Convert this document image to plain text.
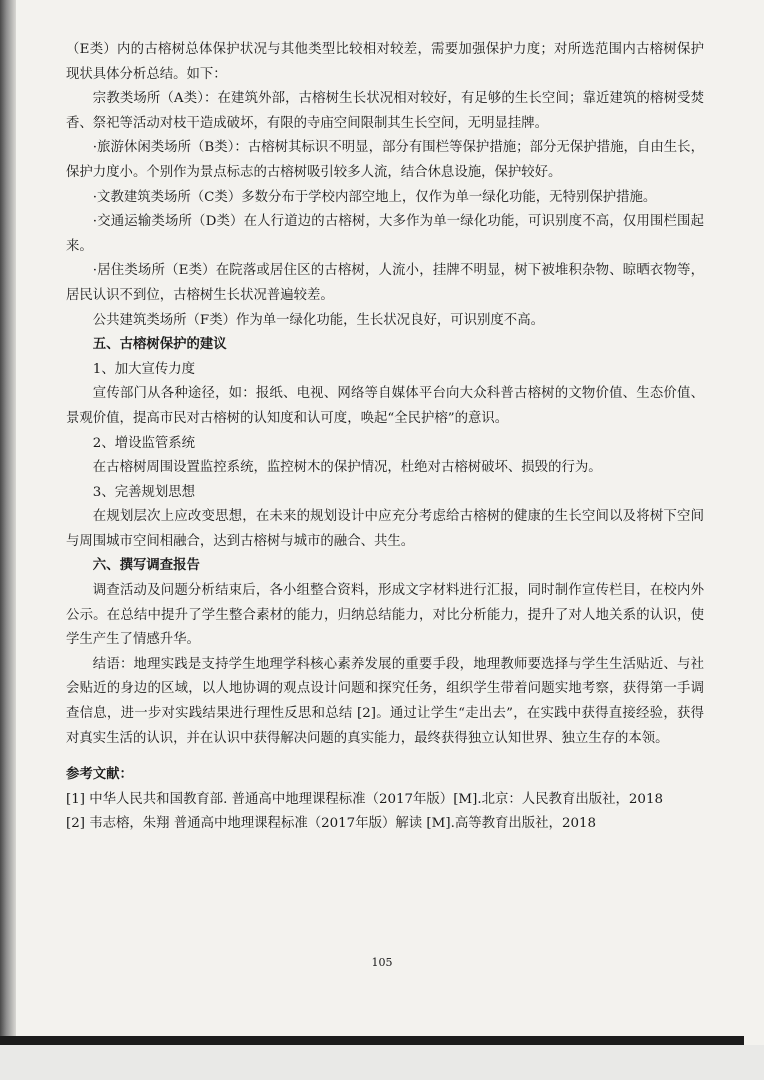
（E类）内的古榕树总体保护状况与其他类型比较相对较差，需要加强保护力度；对所选范围内古榕树保护现状具体分析总结。如下：

宗教类场所（A类）：在建筑外部，古榕树生长状况相对较好，有足够的生长空间；靠近建筑的榕树受焚香、祭祀等活动对枝干造成破坏，有限的寺庙空间限制其生长空间，无明显挂牌。

·旅游休闲类场所（B类）：古榕树其标识不明显，部分有围栏等保护措施；部分无保护措施，自由生长，保护力度小。个别作为景点标志的古榕树吸引较多人流，结合休息设施，保护较好。

·文教建筑类场所（C类）多数分布于学校内部空地上，仅作为单一绿化功能，无特别保护措施。

·交通运输类场所（D类）在人行道边的古榕树，大多作为单一绿化功能，可识别度不高，仅用围栏围起来。

·居住类场所（E类）在院落或居住区的古榕树，人流小，挂牌不明显，树下被堆积杂物、晾晒衣物等，居民认识不到位，古榕树生长状况普遍较差。

公共建筑类场所（F类）作为单一绿化功能，生长状况良好，可识别度不高。

五、古榕树保护的建议

1、加大宣传力度

宣传部门从各种途径，如：报纸、电视、网络等自媒体平台向大众科普古榕树的文物价值、生态价值、景观价值，提高市民对古榕树的认知度和认可度，唤起“全民护榕”的意识。

2、增设监管系统

在古榕树周围设置监控系统，监控树木的保护情况，杜绝对古榕树破坏、损毁的行为。

3、完善规划思想

在规划层次上应改变思想，在未来的规划设计中应充分考虑给古榕树的健康的生长空间以及将树下空间与周围城市空间相融合，达到古榕树与城市的融合、共生。

六、撰写调查报告

调查活动及问题分析结束后，各小组整合资料，形成文字材料进行汇报，同时制作宣传栏目，在校内外公示。在总结中提升了学生整合素材的能力，归纳总结能力，对比分析能力，提升了对人地关系的认识，使学生产生了情感升华。

结语：地理实践是支持学生地理学科核心素养发展的重要手段，地理教师要选择与学生生活贴近、与社会贴近的身边的区域，以人地协调的观点设计问题和探究任务，组织学生带着问题实地考察，获得第一手调查信息，进一步对实践结果进行理性反思和总结 [2]。通过让学生“走出去”，在实践中获得直接经验，获得对真实生活的认识，并在认识中获得解决问题的真实能力，最终获得独立认知世界、独立生存的本领。

参考文献：

[1] 中华人民共和国教育部. 普通高中地理课程标准（2017年版）[M].北京：人民教育出版社，2018

[2] 韦志榕，朱翔 普通高中地理课程标准（2017年版）解读 [M].高等教育出版社，2018

105
